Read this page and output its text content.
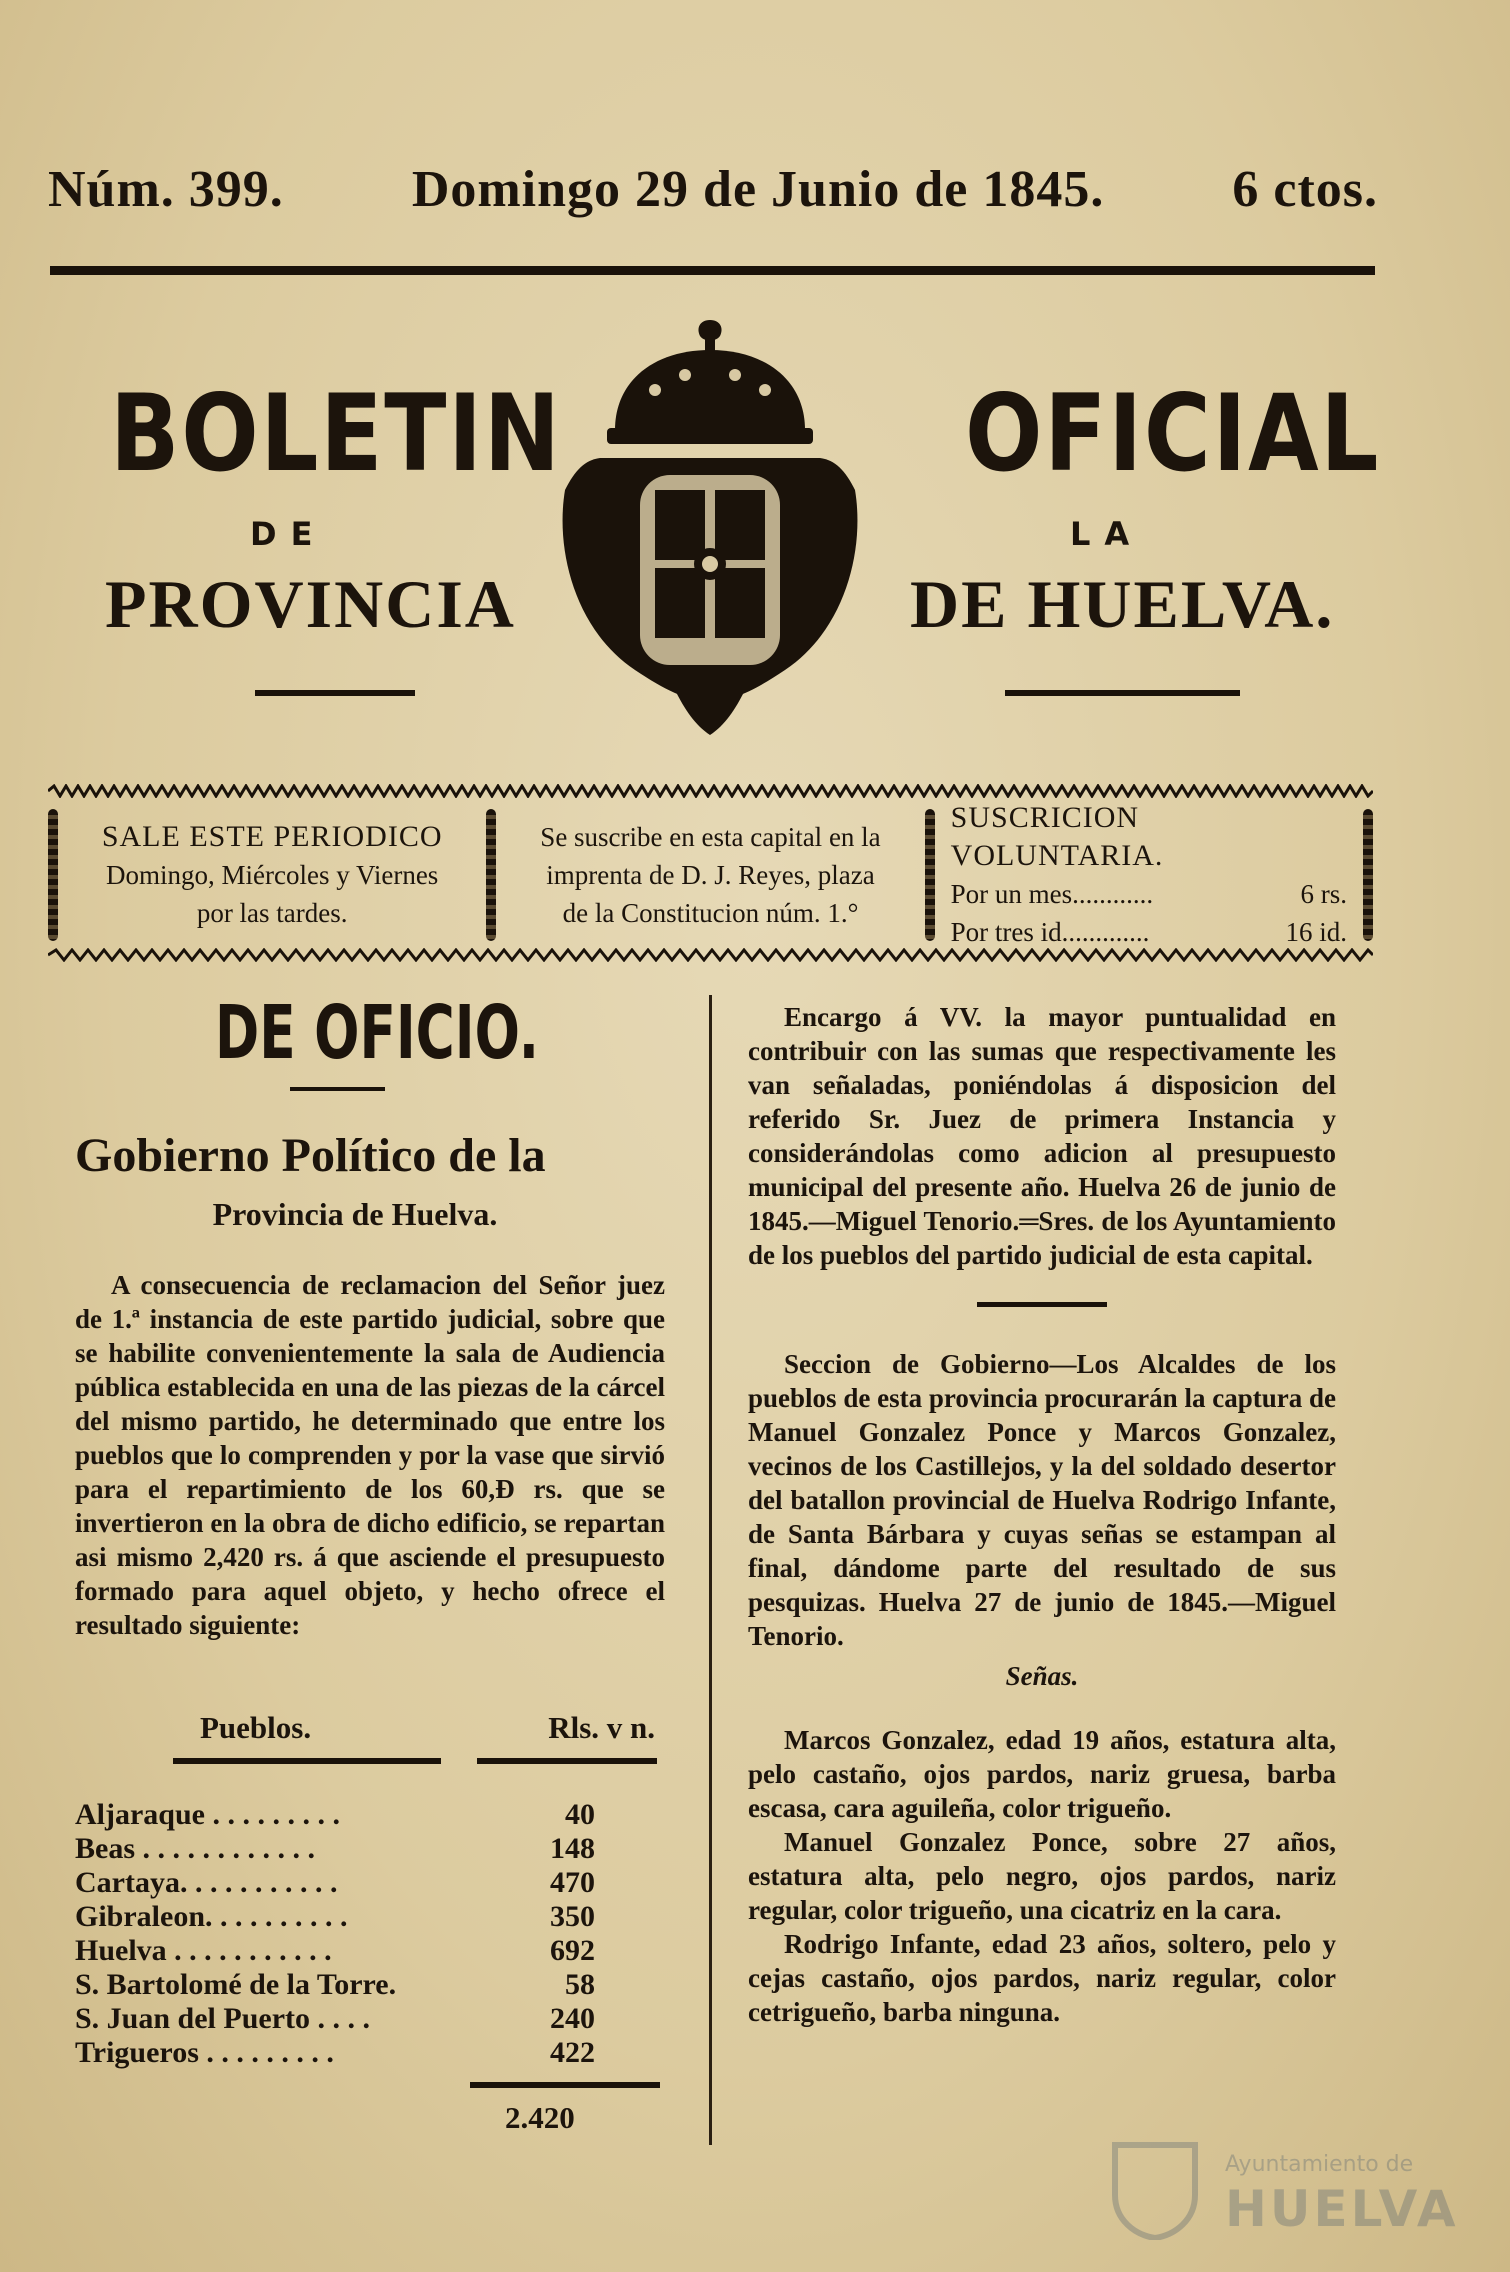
Núm. 399. Domingo 29 de Junio de 1845. 6 ctos.
BOLETIN
DE
PROVINCIA
OFICIAL
LA
DE HUELVA.
SALE ESTE PERIODICO
Domingo, Miércoles y Viernes
por las tardes.
Se suscribe en esta capital en la
imprenta de D. J. Reyes, plaza
de la Constitucion núm. 1.°
SUSCRICION VOLUNTARIA.
Por un mes............	6 rs.
Por tres id.............	16 id.
DE OFICIO.
Gobierno Político de la
Provincia de Huelva.

A consecuencia de reclamacion del Señor juez de 1.ª instancia de este partido judicial, sobre que se habilite convenientemente la sala de Audiencia pública establecida en una de las piezas de la cárcel del mismo partido, he determinado que entre los pueblos que lo comprenden y por la vase que sirvió para el repartimiento de los 60,Ɖ rs. que se invertieron en la obra de dicho edificio, se repartan asi mismo 2,420 rs. á que asciende el presupuesto formado para aquel objeto, y hecho ofrece el resultado siguiente:

Pueblos.	Rls. v n.
Aljaraque . . . . . . . . .	40
Beas . . . . . . . . . . . .	148
Cartaya. . . . . . . . . . .	470
Gibraleon. . . . . . . . . .	350
Huelva . . . . . . . . . . .	692
S. Bartolomé de la Torre.	58
S. Juan del Puerto . . . .	240
Trigueros . . . . . . . . .	422
2.420

Encargo á VV. la mayor puntualidad en contribuir con las sumas que respectivamente les van señaladas, poniéndolas á disposicion del referido Sr. Juez de primera Instancia y considerándolas como adicion al presupuesto municipal del presente año. Huelva 26 de junio de 1845.—Miguel Tenorio.═Sres. de los Ayuntamiento de los pueblos del partido judicial de esta capital.

Seccion de Gobierno—Los Alcaldes de los pueblos de esta provincia procurarán la captura de Manuel Gonzalez Ponce y Marcos Gonzalez, vecinos de los Castillejos, y la del soldado desertor del batallon provincial de Huelva Rodrigo Infante, de Santa Bárbara y cuyas señas se estampan al final, dándome parte del resultado de sus pesquizas. Huelva 27 de junio de 1845.—Miguel Tenorio.

Señas.

Marcos Gonzalez, edad 19 años, estatura alta, pelo castaño, ojos pardos, nariz gruesa, barba escasa, cara aguileña, color trigueño.

Manuel Gonzalez Ponce, sobre 27 años, estatura alta, pelo negro, ojos pardos, nariz regular, color trigueño, una cicatriz en la cara.

Rodrigo Infante, edad 23 años, soltero, pelo y cejas castaño, ojos pardos, nariz regular, color cetrigueño, barba ninguna.

Ayuntamiento de
HUELVA
